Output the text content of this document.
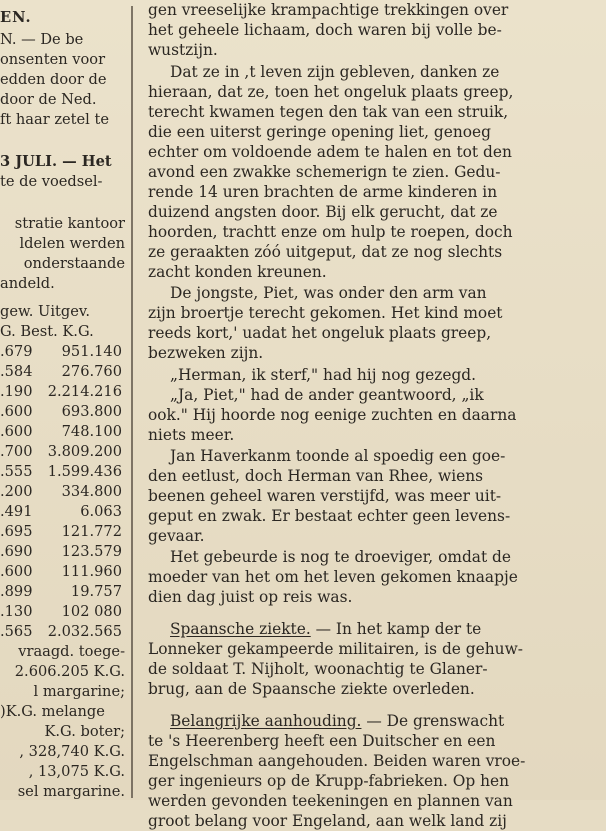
EN.
N. — De be
onsenten voor
edden door de
door de Ned.
ft haar zetel te
3 JULI. — Het
te de voedsel-
stratie kantoor
ldelen werden
onderstaande
andeld.
gew. Uitgev.
G. Best. K.G.
.679 951.140
.584 276.760
.190 2.214.216
.600 693.800
.600 748.100
.700 3.809.200
.555 1.599.436
.200 334.800
.491	6.063
.695 121.772
.690 123.579
.600 111.960
.899	19.757
.130 102 080
.565 2.032.565
vraagd. toege-
2.606.205 K.G.
l margarine;
)K.G. melange
K.G. boter;
, 328,740 K.G.
, 13,075 K.G.
sel margarine.
gen vreeselijke krampachtige trekkingen over
het geheele lichaam, doch waren bij volle be-
wustzijn.
Dat ze in ,t leven zijn gebleven, danken ze
hieraan, dat ze, toen het ongeluk plaats greep,
terecht kwamen tegen den tak van een struik,
die een uiterst geringe opening liet, genoeg
echter om voldoende adem te halen en tot den
avond een zwakke schemerign te zien. Gedu-
rende 14 uren brachten de arme kinderen in
duizend angsten door. Bij elk gerucht, dat ze
hoorden, trachtt enze om hulp te roepen, doch
ze geraakten zóó uitgeput, dat ze nog slechts
zacht konden kreunen.
De jongste, Piet, was onder den arm van
zijn broertje terecht gekomen. Het kind moet
reeds kort,' uadat het ongeluk plaats greep,
bezweken zijn.
„Herman, ik sterf," had hij nog gezegd.
„Ja, Piet," had de ander geantwoord, „ik
ook." Hij hoorde nog eenige zuchten en daarna
niets meer.
Jan Haverkanm toonde al spoedig een goe-
den eetlust, doch Herman van Rhee, wiens
beenen geheel waren verstijfd, was meer uit-
geput en zwak. Er bestaat echter geen levens-
gevaar.
Het gebeurde is nog te droeviger, omdat de
moeder van het om het leven gekomen knaapje
dien dag juist op reis was.
Spaansche ziekte. — In het kamp der te
Lonneker gekampeerde militairen, is de gehuw-
de soldaat T. Nijholt, woonachtig te Glaner-
brug, aan de Spaansche ziekte overleden.
Belangrijke aanhouding. — De grenswacht
te 's Heerenberg heeft een Duitscher en een
Engelschman aangehouden. Beiden waren vroe-
ger ingenieurs op de Krupp-fabrieken. Op hen
werden gevonden teekeningen en plannen van
groot belang voor Engeland, aan welk land zij
